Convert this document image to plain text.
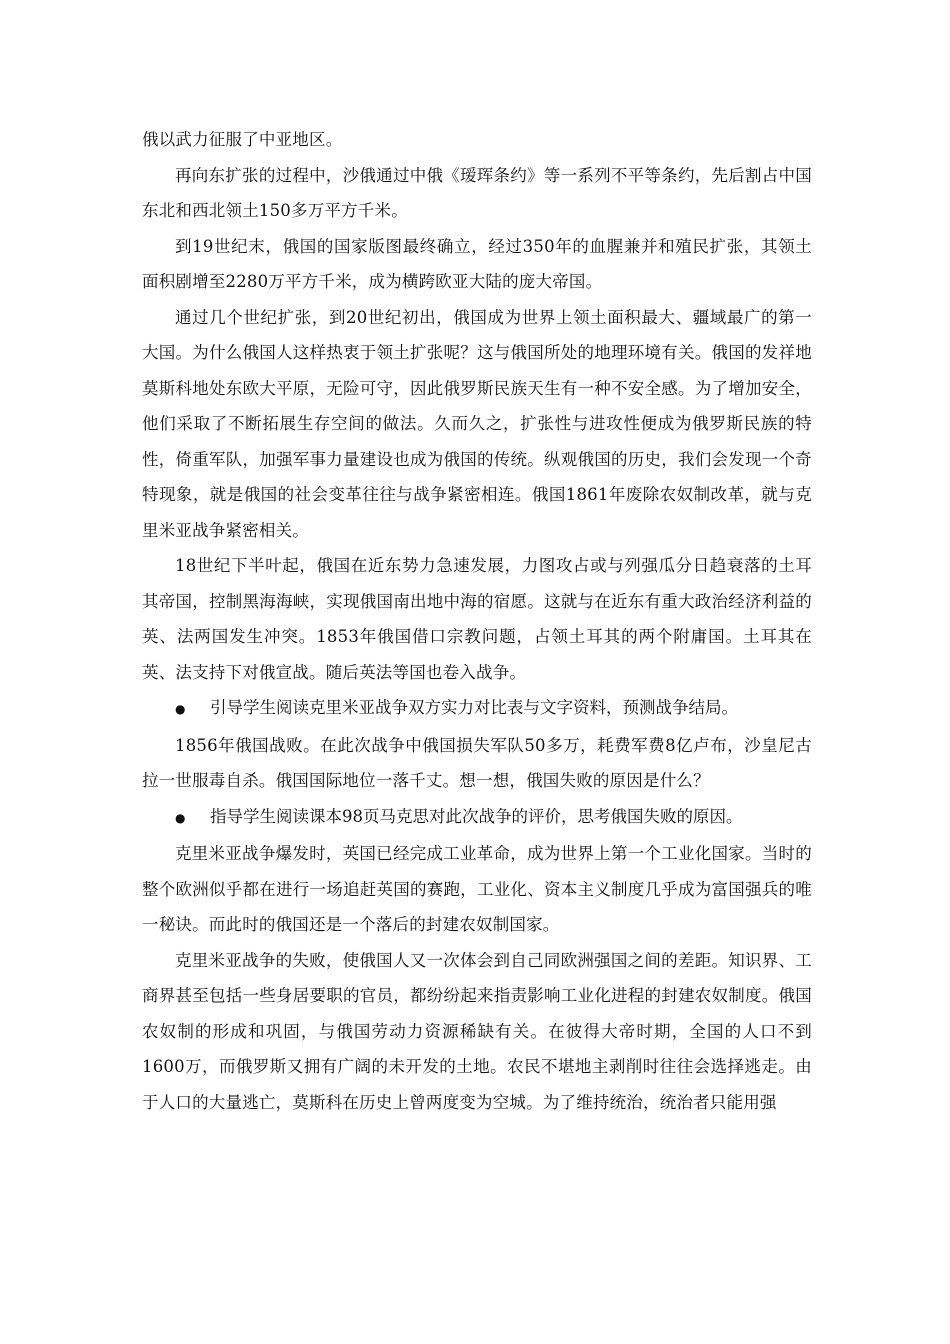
俄以武力征服了中亚地区。

再向东扩张的过程中，沙俄通过中俄《瑷珲条约》等一系列不平等条约，先后割占中国东北和西北领土150多万平方千米。

到19世纪末，俄国的国家版图最终确立，经过350年的血腥兼并和殖民扩张，其领土面积剧增至2280万平方千米，成为横跨欧亚大陆的庞大帝国。

通过几个世纪扩张，到20世纪初出，俄国成为世界上领土面积最大、疆域最广的第一大国。为什么俄国人这样热衷于领土扩张呢？这与俄国所处的地理环境有关。俄国的发祥地莫斯科地处东欧大平原，无险可守，因此俄罗斯民族天生有一种不安全感。为了增加安全，他们采取了不断拓展生存空间的做法。久而久之，扩张性与进攻性便成为俄罗斯民族的特性，倚重军队，加强军事力量建设也成为俄国的传统。纵观俄国的历史，我们会发现一个奇特现象，就是俄国的社会变革往往与战争紧密相连。俄国1861年废除农奴制改革，就与克里米亚战争紧密相关。

18世纪下半叶起，俄国在近东势力急速发展，力图攻占或与列强瓜分日趋衰落的土耳其帝国，控制黑海海峡，实现俄国南出地中海的宿愿。这就与在近东有重大政治经济利益的英、法两国发生冲突。1853年俄国借口宗教问题，占领土耳其的两个附庸国。土耳其在英、法支持下对俄宣战。随后英法等国也卷入战争。

●	引导学生阅读克里米亚战争双方实力对比表与文字资料，预测战争结局。

1856年俄国战败。在此次战争中俄国损失军队50多万，耗费军费8亿卢布，沙皇尼古拉一世服毒自杀。俄国国际地位一落千丈。想一想，俄国失败的原因是什么？

●	指导学生阅读课本98页马克思对此次战争的评价，思考俄国失败的原因。

克里米亚战争爆发时，英国已经完成工业革命，成为世界上第一个工业化国家。当时的整个欧洲似乎都在进行一场追赶英国的赛跑，工业化、资本主义制度几乎成为富国强兵的唯一秘诀。而此时的俄国还是一个落后的封建农奴制国家。

克里米亚战争的失败，使俄国人又一次体会到自己同欧洲强国之间的差距。知识界、工商界甚至包括一些身居要职的官员，都纷纷起来指责影响工业化进程的封建农奴制度。俄国农奴制的形成和巩固，与俄国劳动力资源稀缺有关。在彼得大帝时期，全国的人口不到1600万，而俄罗斯又拥有广阔的未开发的土地。农民不堪地主剥削时往往会选择逃走。由于人口的大量逃亡，莫斯科在历史上曾两度变为空城。为了维持统治，统治者只能用强
